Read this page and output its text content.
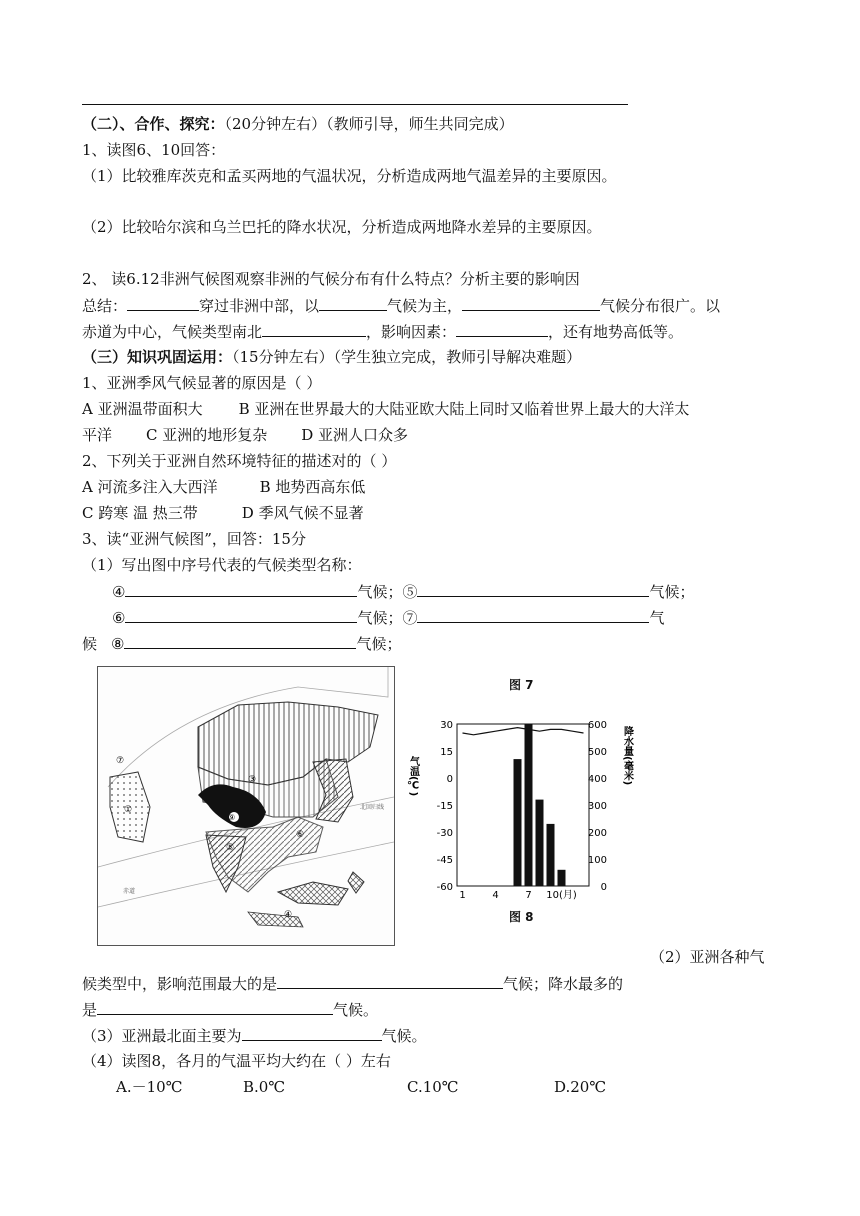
（二）、合作、探究：（20分钟左右）（教师引导，师生共同完成）
1、读图6、10回答：
（1）比较雅库茨克和孟买两地的气温状况，分析造成两地气温差异的主要原因。
（2）比较哈尔滨和乌兰巴托的降水状况，分析造成两地降水差异的主要原因。
2、 读6.12非洲气候图观察非洲的气候分布有什么特点？分析主要的影响因
总结：	穿过非洲中部，以	气候为主，	气候分布很广。以
赤道为中心，气候类型南北	，影响因素：	，还有地势高低等。
（三）知识巩固运用：（15分钟左右）（学生独立完成，教师引导解决难题）
1、亚洲季风气候显著的原因是（ ）
A 亚洲温带面积大 B 亚洲在世界最大的大陆亚欧大陆上同时又临着世界上最大的大洋太
平洋 C 亚洲的地形复杂 D 亚洲人口众多
2、下列关于亚洲自然环境特征的描述对的（ ）
A 河流多注入大西洋	B 地势西高东低
C 跨寒 温 热三带	D 季风气候不显著
3、读“亚洲气候图”，回答：15分
（1）写出图中序号代表的气候类型名称：
④	气候；⑤	气候；
⑥	气候；⑦	气
候 ⑧	气候；
③
①
⑦
⑨
⑤
⑥
④
北回归线
赤道
图 7
图 8
气温(℃)	降水量(毫米)
30
15
0
-15
-30
-45
-60
600
500
400
300
200
100
0
1	4	7 10(月)
（2）亚洲各种气
候类型中，影响范围最大的是	气候；降水最多的
是	气候。
（3）亚洲最北面主要为	气候。
（4）读图8，各月的气温平均大约在（ ）左右
A.－10℃	B.0℃	C.10℃	D.20℃
